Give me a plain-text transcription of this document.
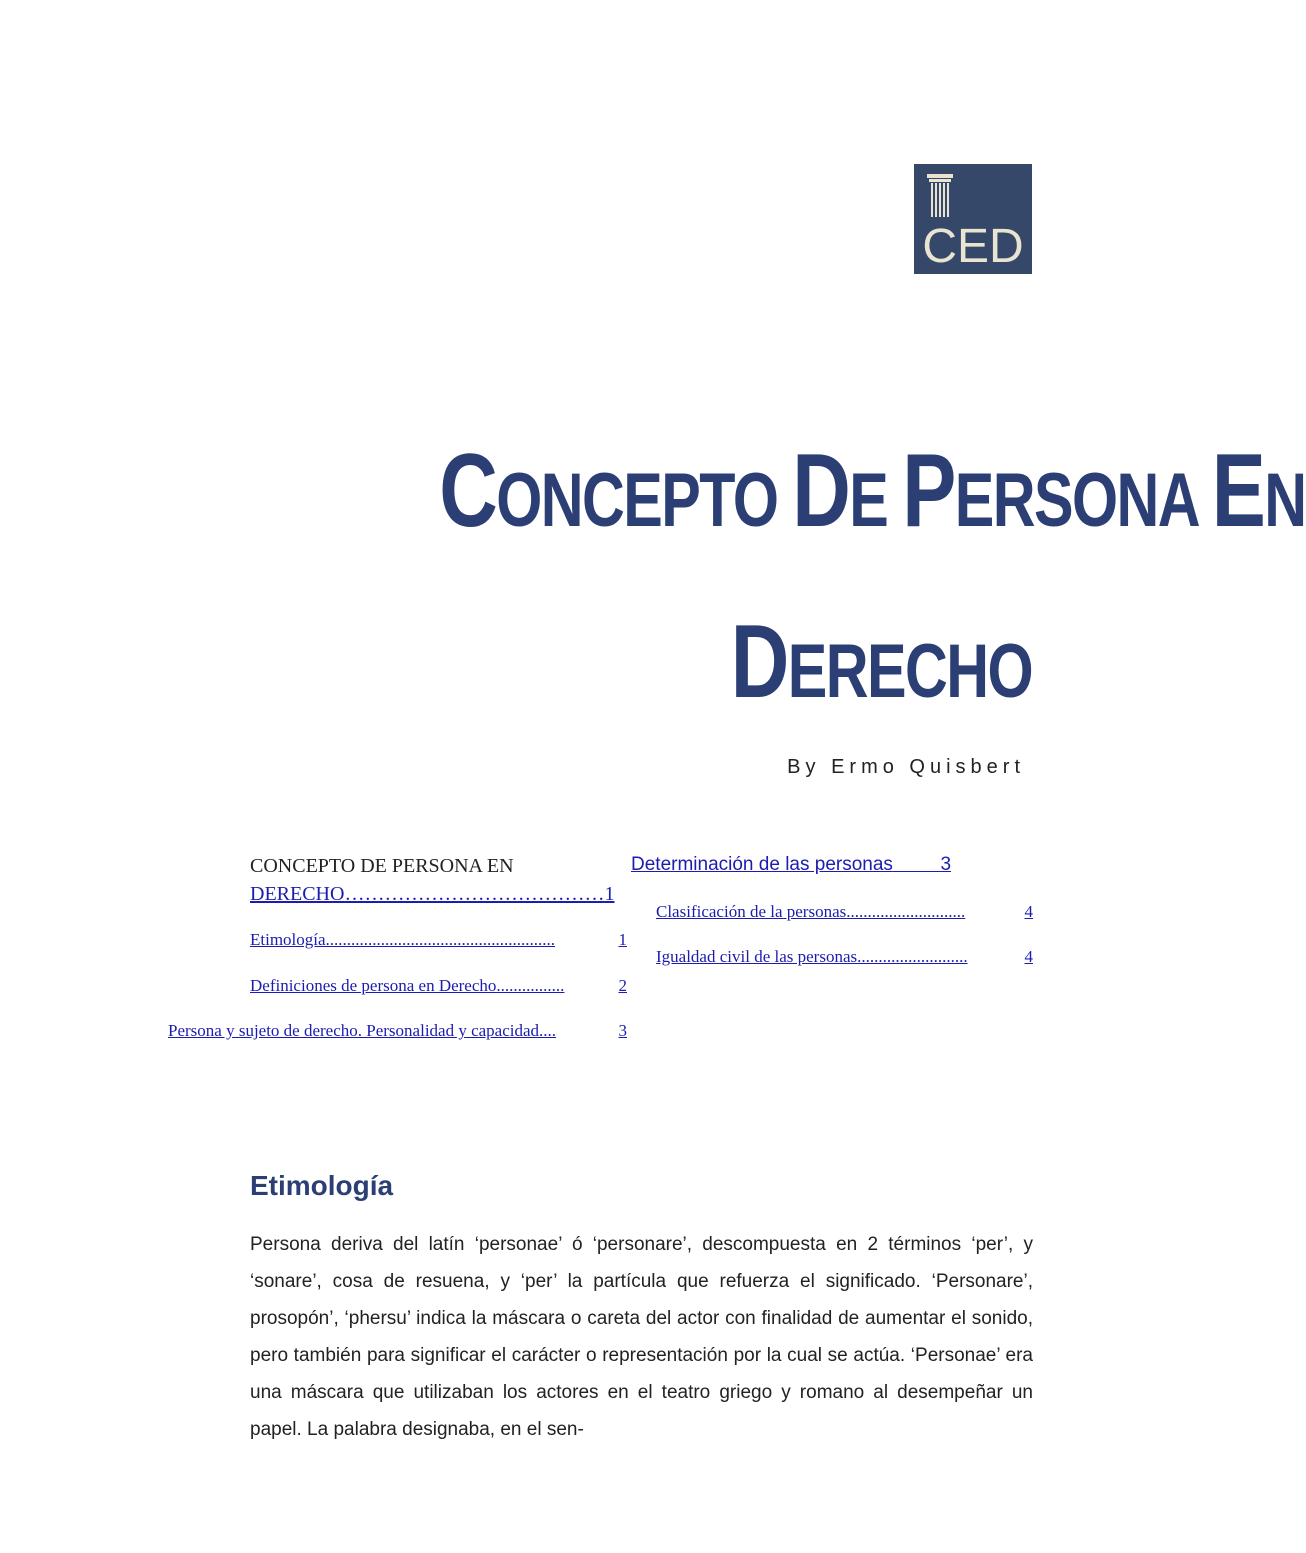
CED
CONCEPTO DE PERSONA EN
DERECHO
By Ermo Quisbert
CONCEPTO DE PERSONA EN
DERECHO…………………………………1
Etimología ......................................................	1
Definiciones de persona en Derecho ................	2
Persona y sujeto de derecho. Personalidad y capacidad ....	3
Determinación de las personas	3
Clasificación de la personas ............................	4
Igualdad civil de las personas ..........................	4
Etimología

Persona deriva del latín ‘personae’ ó ‘personare’, descompuesta en 2 términos ‘per’, y ‘sonare’, cosa de resuena, y ‘per’ la partícula que refuerza el significado. ‘Personare’, prosopón’, ‘phersu’ indica la máscara o careta del actor con finalidad de aumentar el sonido, pero también para significar el carácter o representación por la cual se actúa. ‘Personae’ era una máscara que utilizaban los actores en el teatro griego y romano al desempeñar un papel. La palabra designaba, en el sen-
